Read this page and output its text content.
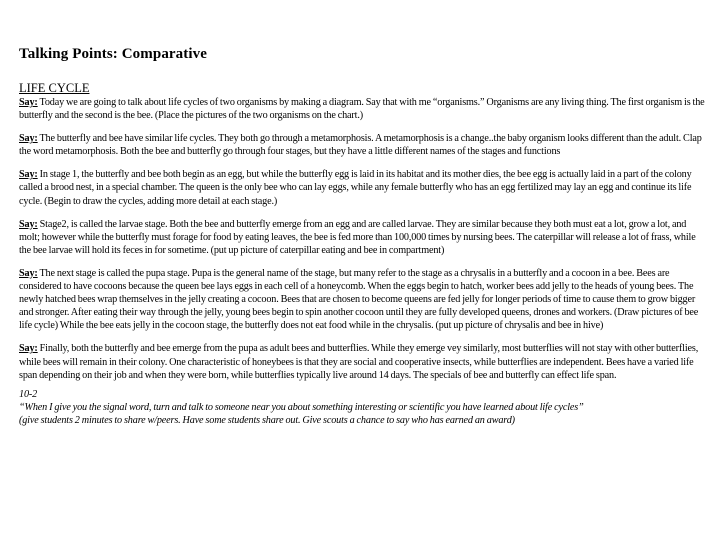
Talking Points: Comparative
LIFE CYCLE

Say: Today we are going to talk about life cycles of two organisms by making a diagram. Say that with me “organisms.” Organisms are any living thing. The first organism is the butterfly and the second is the bee. (Place the pictures of the two organisms on the chart.)

Say: The butterfly and bee have similar life cycles. They both go through a metamorphosis. A metamorphosis is a change..the baby organism looks different than the adult. Clap the word metamorphosis. Both the bee and butterfly go through four stages, but they have a little different names of the stages and functions

Say: In stage 1, the butterfly and bee both begin as an egg, but while the butterfly egg is laid in its habitat and its mother dies, the bee egg is actually laid in a part of the colony called a brood nest, in a special chamber. The queen is the only bee who can lay eggs, while any female butterfly who has an egg fertilized may lay an egg and continue its life cycle. (Begin to draw the cycles, adding more detail at each stage.)

Say: Stage2, is called the larvae stage. Both the bee and butterfly emerge from an egg and are called larvae. They are similar because they both must eat a lot, grow a lot, and molt; however while the butterfly must forage for food by eating leaves, the bee is fed more than 100,000 times by nursing bees. The caterpillar will release a lot of frass, while the bee larvae will hold its feces in for sometime. (put up picture of caterpillar eating and bee in compartment)

Say: The next stage is called the pupa stage. Pupa is the general name of the stage, but many refer to the stage as a chrysalis in a butterfly and a cocoon in a bee. Bees are considered to have cocoons because the queen bee lays eggs in each cell of a honeycomb. When the eggs begin to hatch, worker bees add jelly to the heads of young bees. The newly hatched bees wrap themselves in the jelly creating a cocoon. Bees that are chosen to become queens are fed jelly for longer periods of time to cause them to grow bigger and stronger. After eating their way through the jelly, young bees begin to spin another cocoon until they are fully developed queens, drones and workers. (Draw pictures of bee life cycle) While the bee eats jelly in the cocoon stage, the butterfly does not eat food while in the chrysalis. (put up picture of chrysalis and bee in hive)

Say: Finally, both the butterfly and bee emerge from the pupa as adult bees and butterflies. While they emerge vey similarly, most butterflies will not stay with other butterflies, while bees will remain in their colony. One characteristic of honeybees is that they are social and cooperative insects, while butterflies are independent. Bees have a varied life span depending on their job and when they were born, while butterflies typically live around 14 days. The specials of bee and butterfly can effect life span.

10-2
“When I give you the signal word, turn and talk to someone near you about something interesting or scientific you have learned about life cycles”
(give students 2 minutes to share w/peers. Have some students share out. Give scouts a chance to say who has earned an award)
